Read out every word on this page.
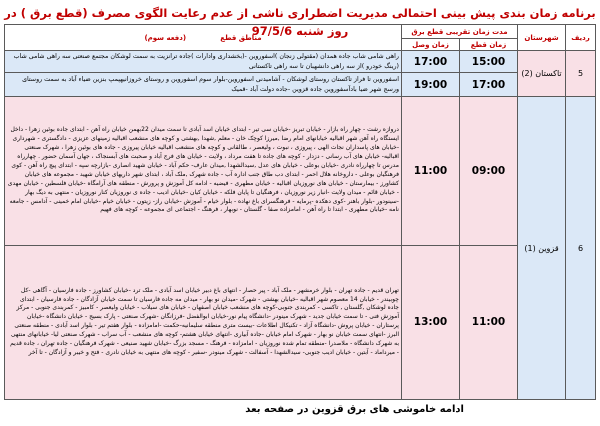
برنامه زمان بندی پیش بینی احتمالی مدیریت اضطراری ناشی از عدم رعایت الگوی مصرف (قطع برق ) در روز شنبه 97/5/6	ردیف	شهرستان	مدت زمان تقریبی قطع برق		مناطق قطع              (دفعه سوم)
		زمان قطع	زمان وصل	
5	تاکستان (2)	15:00	17:00	راهی شامی شاب جاده همدان (مقتولی زنجان )اسفوروین -(بخشداری وادارات )جاده ترانزیت به سمت لوشکان مجتمع صنعتی سه راهی شامی شاب (رینگ خودرو )از سه راهی دانشهبان تا سه راهی تاکستانی
		17:00	19:00	اسفوروین تا فراز تاکستان روستای لوشکان - آشامیدنی اسفوروین-بلوار سوم اسفوروین و روستای خروزانیهپمپ بنزین ضیاء آباد به سمت روستای ورسج شهر ضیا بادآسفوروین جاده قزوین -جاده دولت آباد -قمیک
6	قزوین (1)	09:00	11:00	دروازه رشت - چهار راه بازار - خیابان تبریز -خیابان سی تیر - ابتدای خیابان اسد آبادی تا سمت میدان 22بهمن خیابان راه آهن - ابتدای جاده بوئین زهرا - داخل ایستگاه راه آهن شهر اقبالیه خیابانهای امام رضا ,میرزا کوچک خان - معلم ,شهدا ,بهشتی و کوچه های منشعب اقبالیه زمینهای عزیزی - دادگستری - شهرداری -خیابان های پاسداران نجات الهی ، پیروزی ، نبوت ، ولیعصر ، طالقانی و کوچه های منشعب اقبالیه خیابان پیروزی - جاده های بوئین زهرا ، شهرک صنعتی اقبالیه- خیابان های آب رسانی - دزدار - کوچه های جاده تا هفت مرداد ، ولایت - خیابان های فرج آباد و صحبت های آبسنجاک ، جهان آسمان حضور . چهارراه مدرس تا چهارراه نادری -خیابان بوعلی - خیابان های عدل ,سیدالشهدا ,میدان عارف- حکم آباد - خیابان شهید انصاری -بازارچه سپه - ابتدای پیچ راه آهن - کوی فرهنگیان بوعلی - داروخانه هلال احمر - ابتدای دب طاق جنب اداره آب - جاده شهرک ,ملک آباد ، ابتدای شهر داریهای خیابان شهید - مجموعه های خیابان کشاورز - بیمارستان - خیابان های نوروزیان اقبالیه - خیابان مطهری - فیضیه - ادامه کل آموزش و پرورش - منطقه های آرامگاه -خیابان فلسطین - خیابان مهدی - خیابان قائم - میدان ولایت -انبار زیر نوروزیان ، فرهنگیان تا پایان فلکه - خیابان کیان -خیابان ادیب - جاده ی نوروزیان کنار نوروزیان - منتهی به دیگ بهار -سینودور -بلوار باهنر -کوی دهکده -پرمایه - فرهنگسرای باغ نهاده - بلوار خیام - آموزش -خیابان راز- زیتون - خیابان خیام -خیابان امام خمینی - آدامس - جامعه نامه -خیابان مطهری - ابتدا تا راه آهن - امامزاده صفا - گلستان - نوبهار ، فرهنگ - اجتماعی ای مجموعه - کوچه های فهیم
		11:00	13:00	تهران قدیم - جاده تهران - بلوار خرمشهر - ملک آباد - پیر حصار - انتهای باغ دبیر خیابان اسد آبادی - ملک ترد -خیابان کشاورز - جاده فارسیان - آگاهی -کل چوبیندر - خیابان 14 معصوم شهر اقبالیه -خیابان بهشتی - شهرک -میدان نو بهار - میدان مه جاده فارسیان تا سمت خیابان آزادگان - جاده فارسیان - ابتدای جاده لوشکان ,گلستان , تاکسی - کمربندی جنوبی-کوچه های منشعب خیابان اصفهان - خیابان های سیلاب - خیابان ولیعصر - کامبیز - کمربندی جنوبی - مرکز آموزش فنی - تا سمت خیابان جدید - شهرک مینودر -دانشگاه پیام نور-خیابان ابوالفضل -فرزانگان -شهرک صنعتی - پارک بسیج - خیابان دانشگاه -خیابان پرستاران - خیابان پروش -دانشگاه آزاد - تکنیکال اطلاعات -بیست متری منطقه سلیمانیه-حکمت -امامزاده - بلوار هفتم تیر - بلوار اسد آبادی - منطقه صنعتی البرز -انتهای سمت خیابان نو بهار - شهرک امام خیابان -جاده آبیاری -انتهای خیابان هشتم- کوچه های منشعب - آب سراب - شهرک صنعتی لیا- خیابانهای منتهی به شهرک دانشگاه - ملاصدرا -منطقه تمام شده نوروزیان - امامزاده - فرهنگ - مسجد بزرگ -خیابان شهید صنیعی - شهرک فرهنگیان - جاده تهران ، جاده قدیم - میرداماد - آبتین - خیابان ادیب جنوبی- سیدالشهدا - آسفالت - شهرک مینودر -سفیر - کوچه های منتهی به خیابان نادری - فتح و خیبر و آزادگان - تا آخر
ادامه خاموشی های برق قزوین در صفحه بعد
